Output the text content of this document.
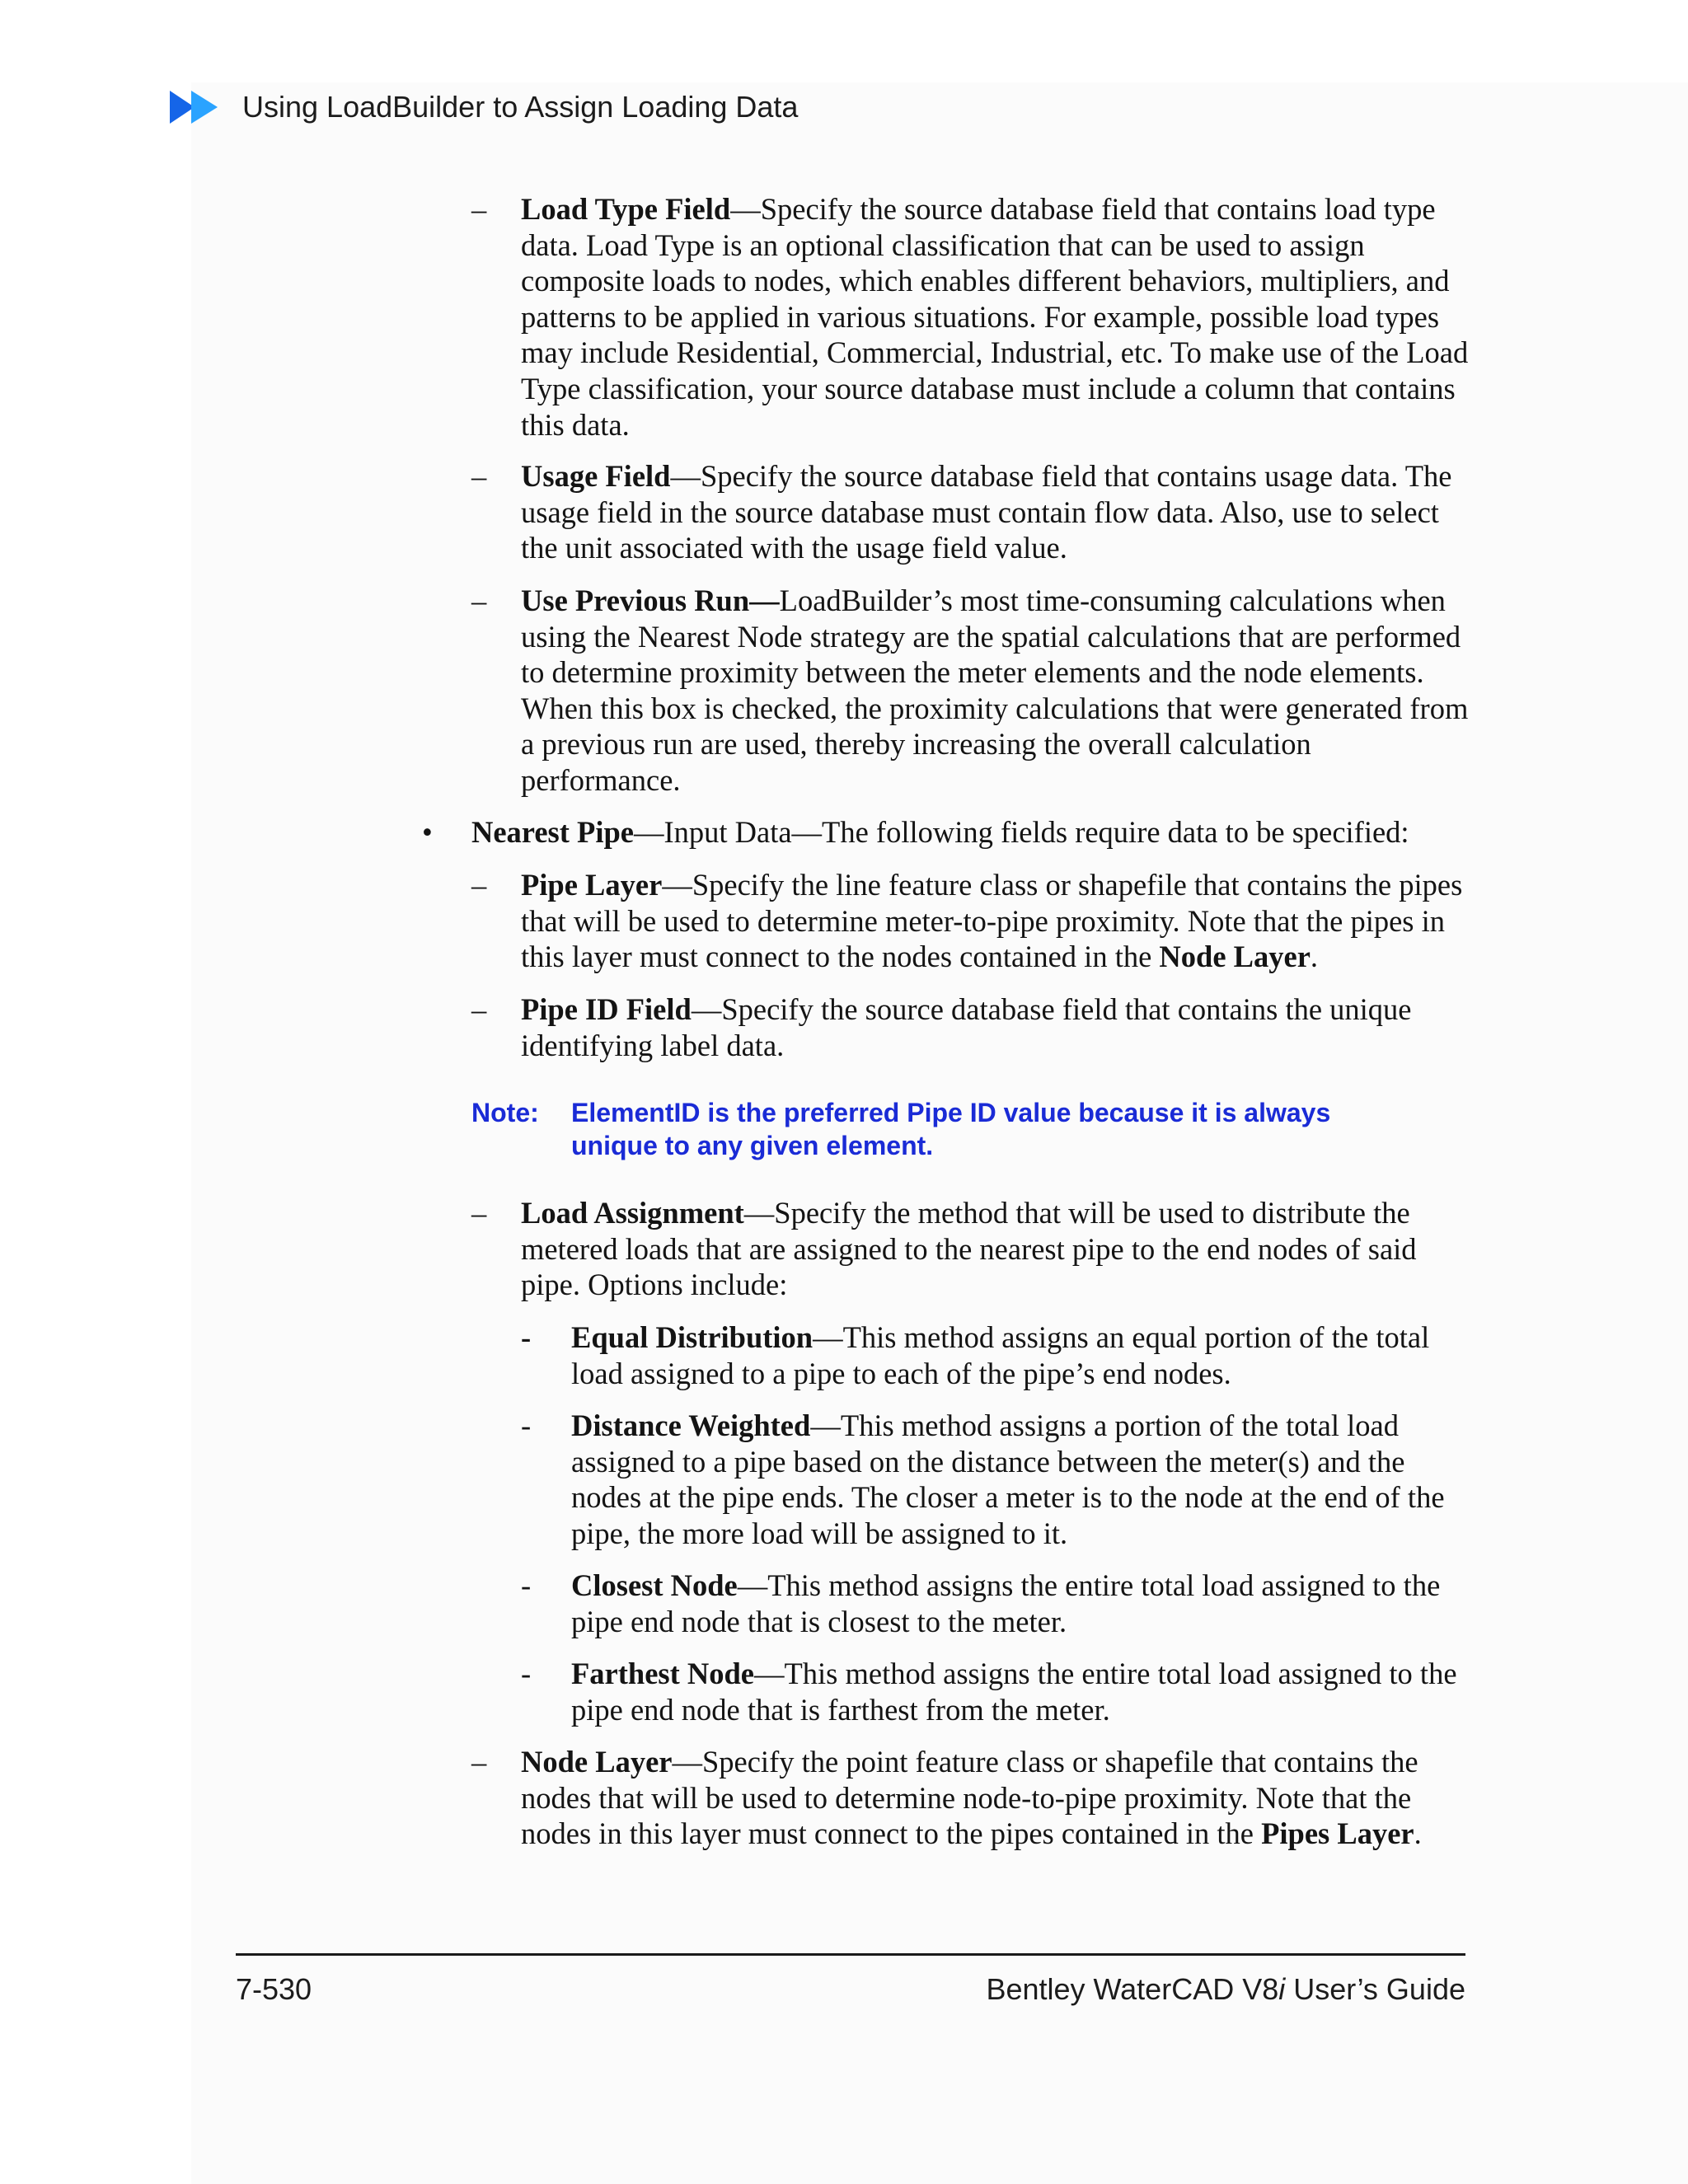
Using LoadBuilder to Assign Loading Data
– Load Type Field—Specify the source database field that contains load type data. Load Type is an optional classification that can be used to assign composite loads to nodes, which enables different behaviors, multipliers, and patterns to be applied in various situations. For example, possible load types may include Residential, Commercial, Industrial, etc. To make use of the Load Type classification, your source database must include a column that contains this data.

– Usage Field—Specify the source database field that contains usage data. The usage field in the source database must contain flow data. Also, use to select the unit associated with the usage field value.

– Use Previous Run—LoadBuilder’s most time-consuming calculations when using the Nearest Node strategy are the spatial calculations that are performed to determine proximity between the meter elements and the node elements. When this box is checked, the proximity calculations that were generated from a previous run are used, thereby increasing the overall calculation performance.

• Nearest Pipe—Input Data—The following fields require data to be specified:

– Pipe Layer—Specify the line feature class or shapefile that contains the pipes that will be used to determine meter-to-pipe proximity. Note that the pipes in this layer must connect to the nodes contained in the Node Layer.

– Pipe ID Field—Specify the source database field that contains the unique identifying label data.

Note: ElementID is the preferred Pipe ID value because it is always
unique to any given element.
– Load Assignment—Specify the method that will be used to distribute the metered loads that are assigned to the nearest pipe to the end nodes of said pipe. Options include:

- Equal Distribution—This method assigns an equal portion of the total load assigned to a pipe to each of the pipe’s end nodes.

- Distance Weighted—This method assigns a portion of the total load assigned to a pipe based on the distance between the meter(s) and the nodes at the pipe ends. The closer a meter is to the node at the end of the pipe, the more load will be assigned to it.

- Closest Node—This method assigns the entire total load assigned to the pipe end node that is closest to the meter.

- Farthest Node—This method assigns the entire total load assigned to the pipe end node that is farthest from the meter.

– Node Layer—Specify the point feature class or shapefile that contains the nodes that will be used to determine node-to-pipe proximity. Note that the nodes in this layer must connect to the pipes contained in the Pipes Layer.

7-530	Bentley WaterCAD V8i User’s Guide
